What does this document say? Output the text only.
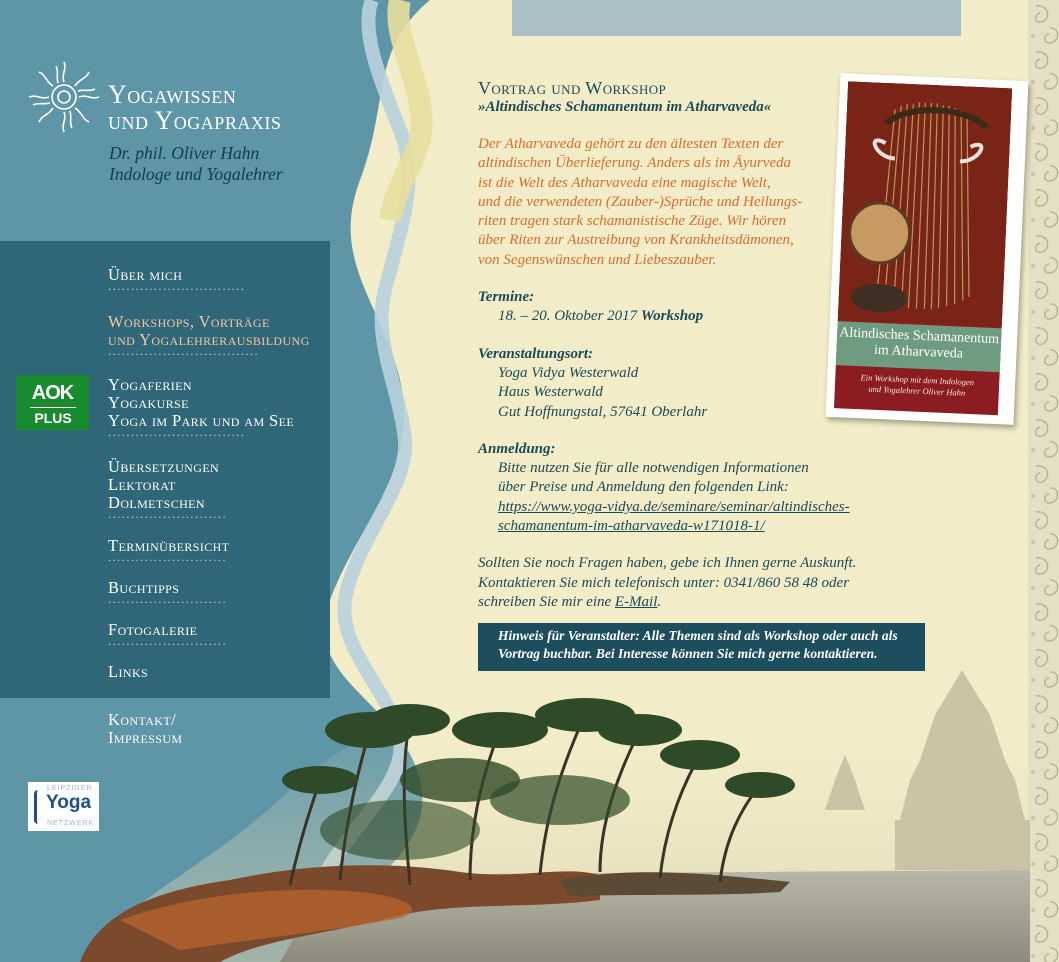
Yogawissen
und Yogapraxis
Dr. phil. Oliver Hahn
Indologe und Yogalehrer
Über mich
······························
Workshops, Vorträge
und Yogalehrerausbildung
·································
Yogaferien
Yogakurse
Yoga im Park und am See
······························
Übersetzungen
Lektorat
Dolmetschen
··························
Terminübersicht
··························
Buchtipps
··························
Fotogalerie
··························
Links
Kontakt/
Impressum
AOK
PLUS
LEIPZIGER
Yoga
NETZWERK
Altindisches Schamanentum
im Atharvaveda
Ein Workshop mit dem Indologen
und Yogalehrer Oliver Hahn
Vortrag und Workshop
»Altindisches Schamanentum im Atharvaveda«
Der Atharvaveda gehört zu den ältesten Texten der
altindischen Überlieferung. Anders als im Āyurveda
ist die Welt des Atharvaveda eine magische Welt,
und die verwendeten (Zauber-)Sprüche und Heilungs-
riten tragen stark schamanistische Züge. Wir hören
über Riten zur Austreibung von Krankheitsdämonen,
von Segenswünschen und Liebeszauber.
Termine:
18. – 20. Oktober 2017 Workshop
Veranstaltungsort:
Yoga Vidya Westerwald
Haus Westerwald
Gut Hoffnungstal, 57641 Oberlahr
Anmeldung:
Bitte nutzen Sie für alle notwendigen Informationen
über Preise und Anmeldung den folgenden Link:
https://www.yoga-vidya.de/seminare/seminar/altindisches-
schamanentum-im-atharvaveda-w171018-1/
Sollten Sie noch Fragen haben, gebe ich Ihnen gerne Auskunft.
Kontaktieren Sie mich telefonisch unter: 0341/860 58 48 oder
schreiben Sie mir eine E-Mail.
Hinweis für Veranstalter: Alle Themen sind als Workshop oder auch als
Vortrag buchbar. Bei Interesse können Sie mich gerne kontaktieren.
